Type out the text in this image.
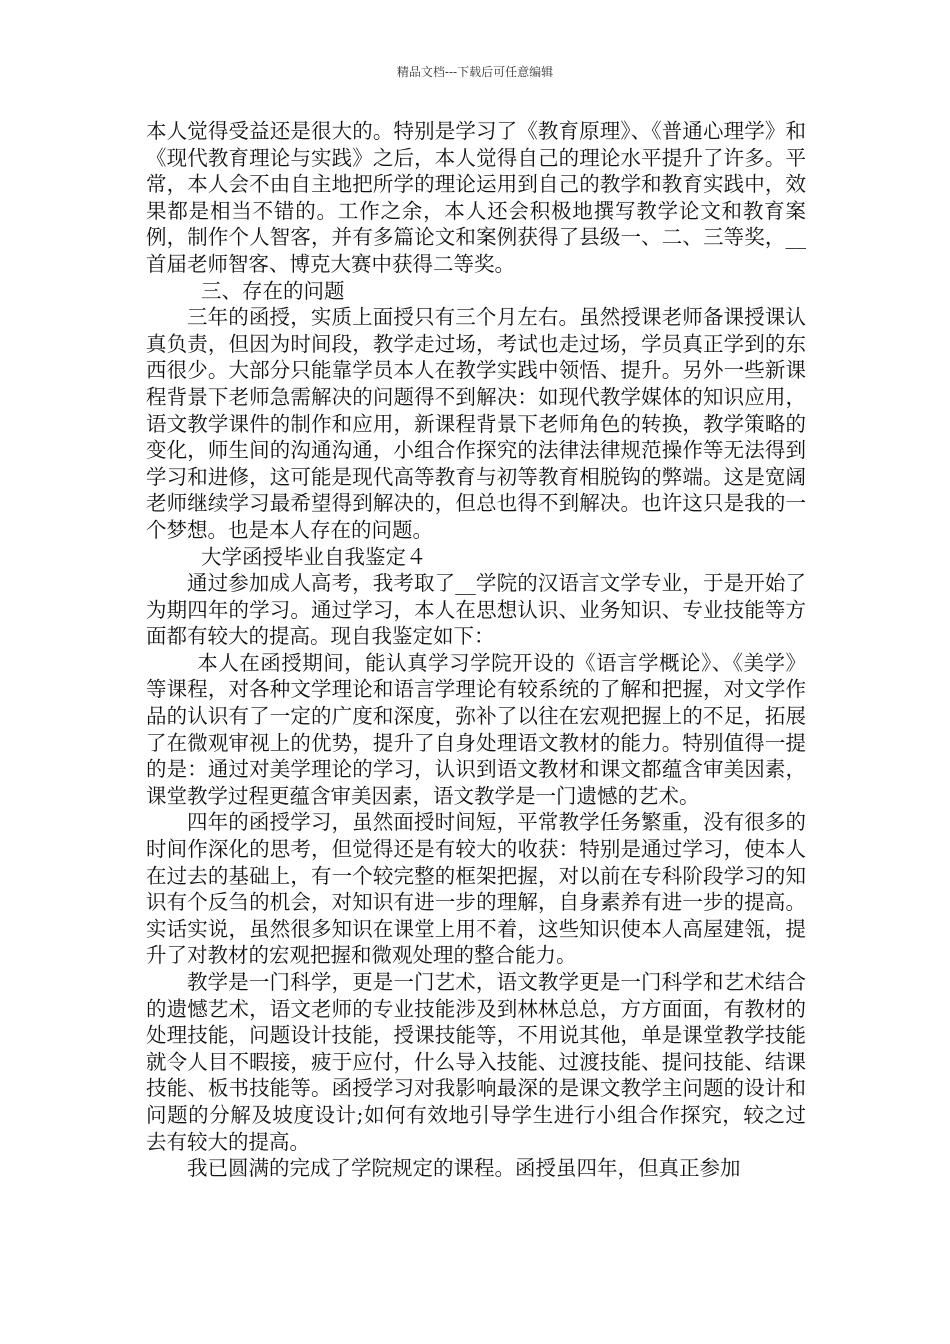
精品文档---下载后可任意编辑

本人觉得受益还是很大的。特别是学习了《教育原理》、《普通心理学》和《现代教育理论与实践》之后，本人觉得自己的理论水平提升了许多。平常，本人会不由自主地把所学的理论运用到自己的教学和教育实践中，效果都是相当不错的。工作之余，本人还会积极地撰写教学论文和教育案例，制作个人智客，并有多篇论文和案例获得了县级一、二、三等奖，__首届老师智客、博克大赛中获得二等奖。

三、存在的问题

三年的函授，实质上面授只有三个月左右。虽然授课老师备课授课认真负责，但因为时间段，教学走过场，考试也走过场，学员真正学到的东西很少。大部分只能靠学员本人在教学实践中领悟、提升。另外一些新课程背景下老师急需解决的问题得不到解决：如现代教学媒体的知识应用，语文教学课件的制作和应用，新课程背景下老师角色的转换，教学策略的变化，师生间的沟通沟通，小组合作探究的法律法律规范操作等无法得到学习和进修，这可能是现代高等教育与初等教育相脱钩的弊端。这是宽阔老师继续学习最希望得到解决的，但总也得不到解决。也许这只是我的一个梦想。也是本人存在的问题。

大学函授毕业自我鉴定４

通过参加成人高考，我考取了__学院的汉语言文学专业，于是开始了为期四年的学习。通过学习，本人在思想认识、业务知识、专业技能等方面都有较大的提高。现自我鉴定如下：

本人在函授期间，能认真学习学院开设的《语言学概论》、《美学》等课程，对各种文学理论和语言学理论有较系统的了解和把握，对文学作品的认识有了一定的广度和深度，弥补了以往在宏观把握上的不足，拓展了在微观审视上的优势，提升了自身处理语文教材的能力。特别值得一提的是：通过对美学理论的学习，认识到语文教材和课文都蕴含审美因素，课堂教学过程更蕴含审美因素，语文教学是一门遗憾的艺术。

四年的函授学习，虽然面授时间短，平常教学任务繁重，没有很多的时间作深化的思考，但觉得还是有较大的收获：特别是通过学习，使本人在过去的基础上，有一个较完整的框架把握，对以前在专科阶段学习的知识有个反刍的机会，对知识有进一步的理解，自身素养有进一步的提高。实话实说，虽然很多知识在课堂上用不着，这些知识使本人高屋建瓴，提升了对教材的宏观把握和微观处理的整合能力。

教学是一门科学，更是一门艺术，语文教学更是一门科学和艺术结合的遗憾艺术，语文老师的专业技能涉及到林林总总，方方面面，有教材的处理技能，问题设计技能，授课技能等，不用说其他，单是课堂教学技能就令人目不暇接，疲于应付，什么导入技能、过渡技能、提问技能、结课技能、板书技能等。函授学习对我影响最深的是课文教学主问题的设计和问题的分解及坡度设计;如何有效地引导学生进行小组合作探究，较之过去有较大的提高。

我已圆满的完成了学院规定的课程。函授虽四年，但真正参加
